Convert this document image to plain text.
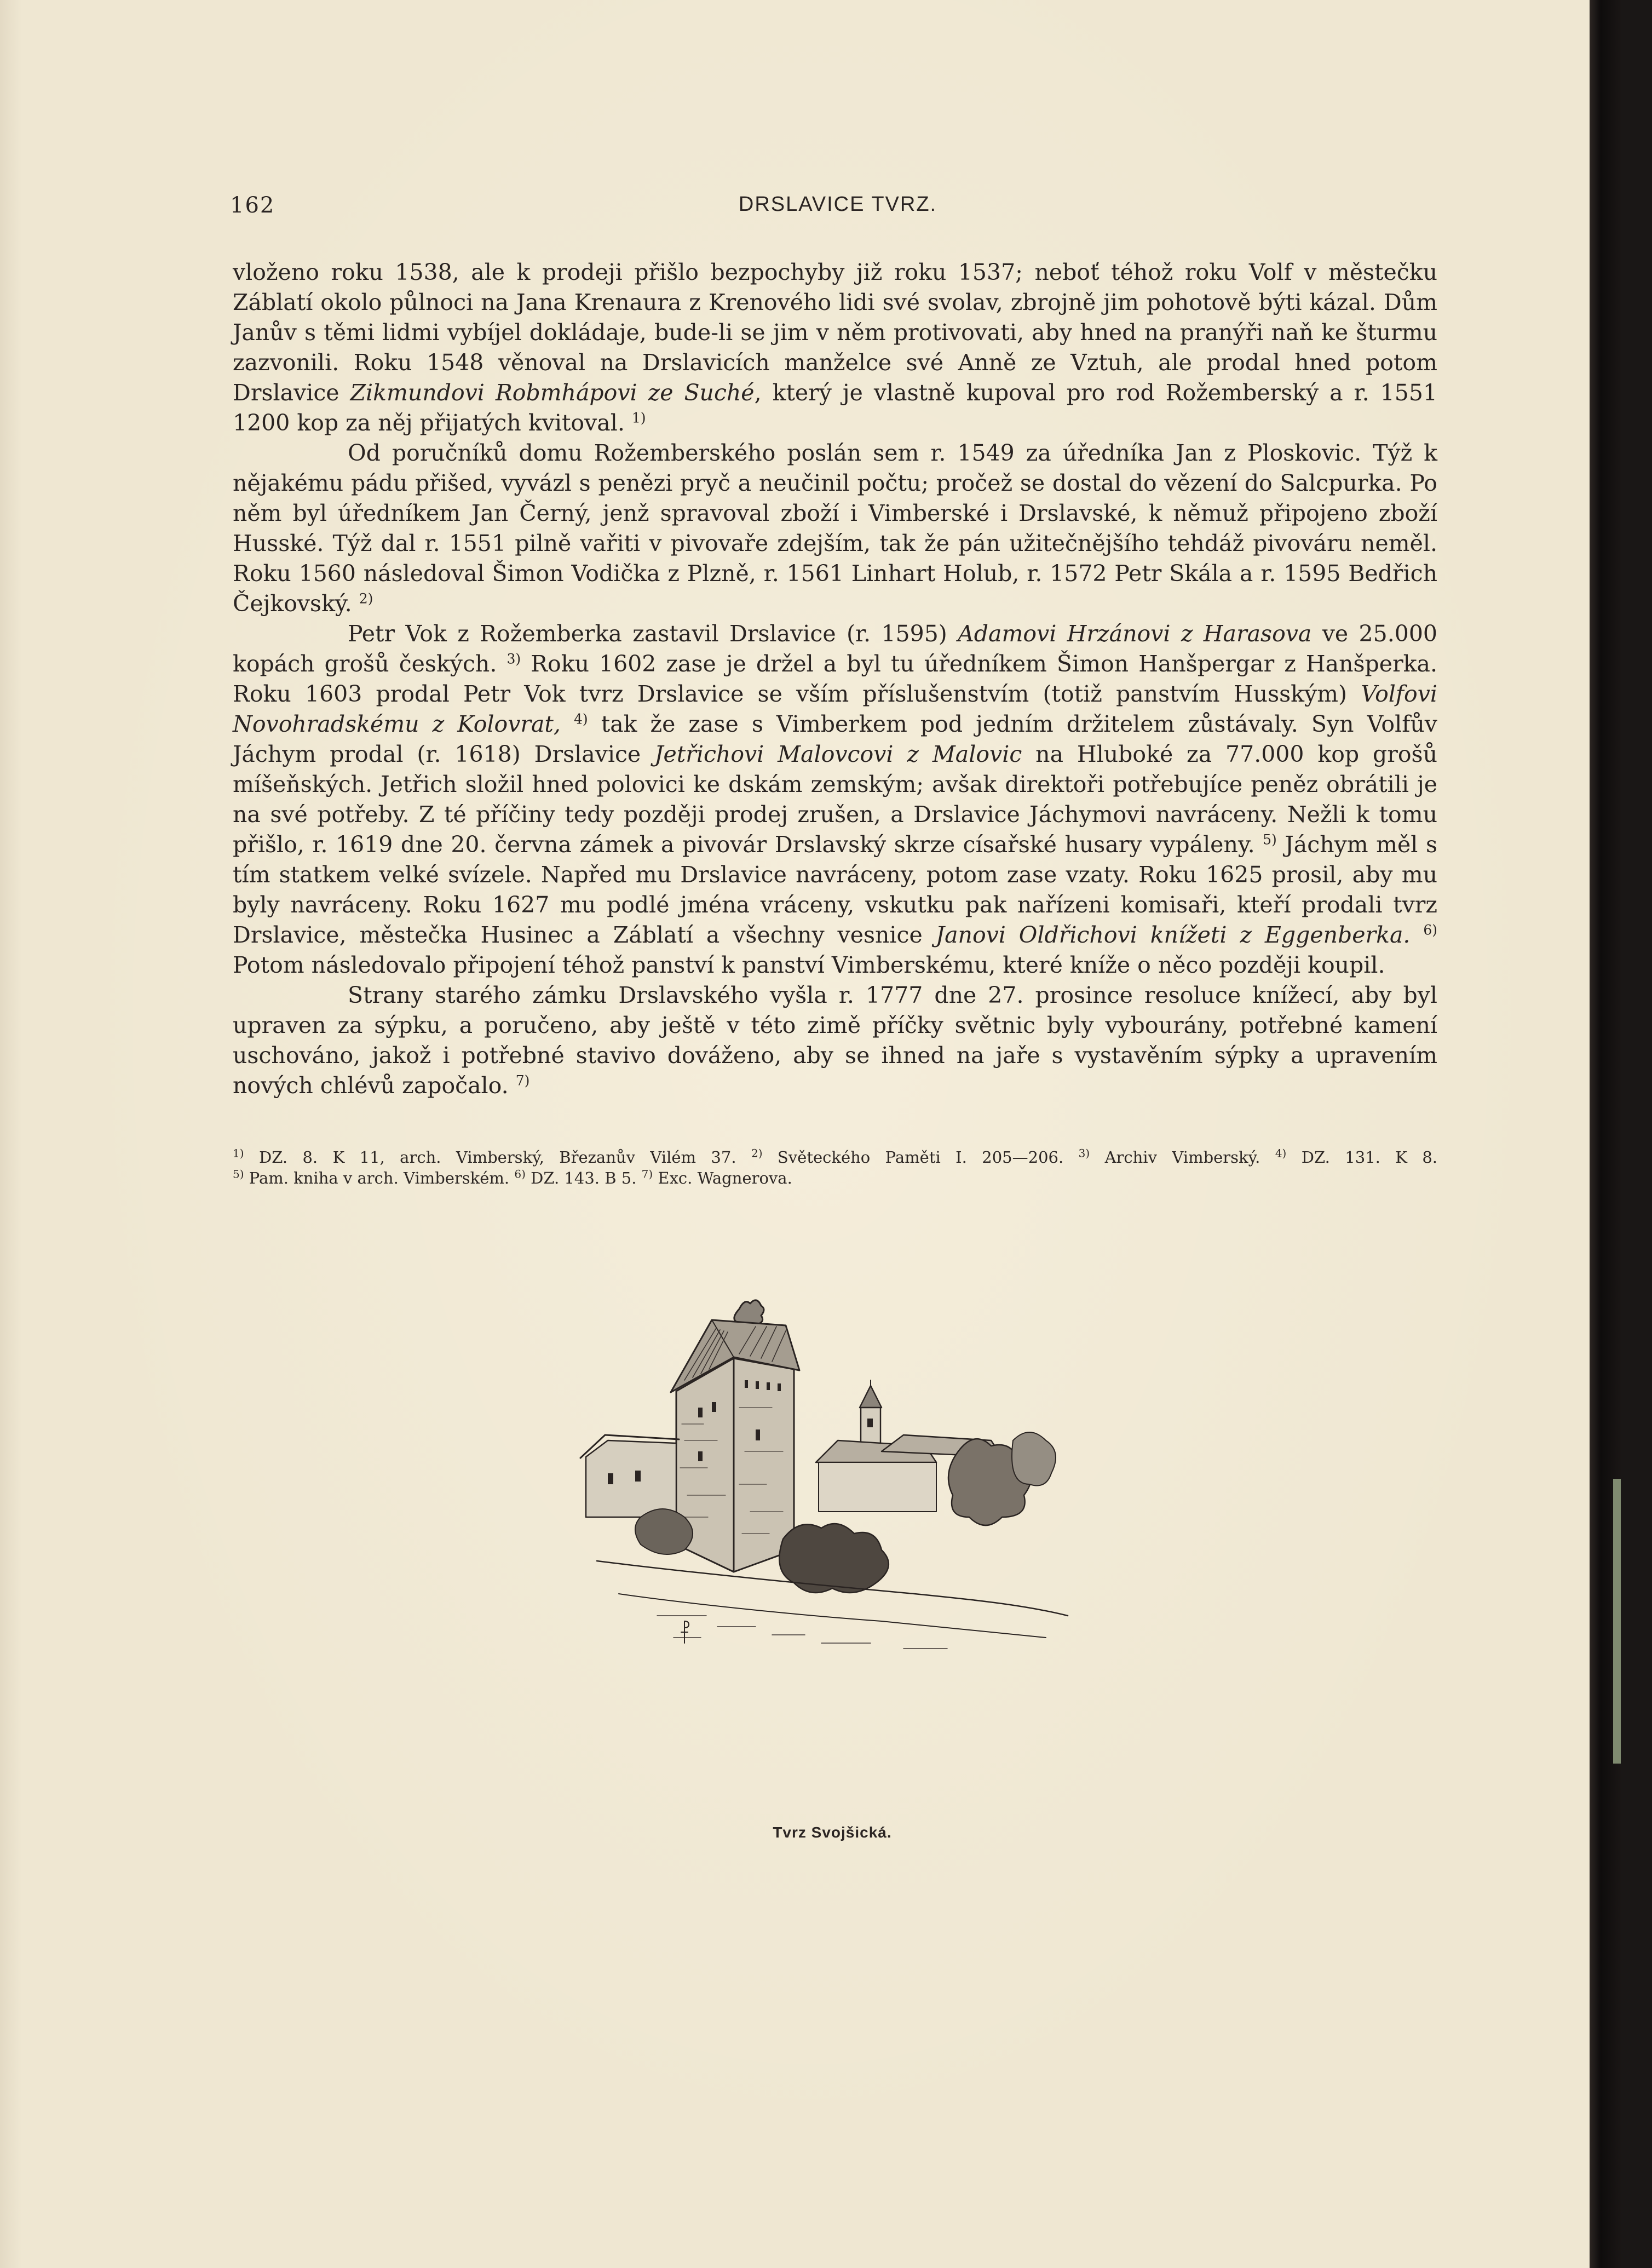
162	DRSLAVICE TVRZ.

vloženo roku 1538, ale k prodeji přišlo bezpochyby již roku 1537; neboť téhož roku Volf v městečku Záblatí okolo půlnoci na Jana Krenaura z Krenového lidi své svolav, zbrojně jim pohotově býti kázal. Dům Janův s těmi lidmi vybíjel dokládaje, bude-li se jim v něm protivovati, aby hned na pranýři naň ke šturmu zazvonili. Roku 1548 věnoval na Drslavicích manželce své Anně ze Vztuh, ale prodal hned potom Drslavice Zikmundovi Robmhápovi ze Suché, který je vlastně kupoval pro rod Rožemberský a r. 1551 1200 kop za něj přijatých kvitoval. $^{1)}$

Od poručníků domu Rožemberského poslán sem r. 1549 za úředníka Jan z Ploskovic. Týž k nějakému pádu přišed, vyvázl s penězi pryč a neučinil počtu; pročež se dostal do vězení do Salcpurka. Po něm byl úředníkem Jan Černý, jenž spravoval zboží i Vimberské i Drslavské, k němuž připojeno zboží Husské. Týž dal r. 1551 pilně vařiti v pivovaře zdejším, tak že pán užitečnějšího tehdáž pivováru neměl. Roku 1560 následoval Šimon Vodička z Plzně, r. 1561 Linhart Holub, r. 1572 Petr Skála a r. 1595 Bedřich Čejkovský. $^{2)}$

Petr Vok z Rožemberka zastavil Drslavice (r. 1595) Adamovi Hrzánovi z Harasova ve 25.000 kopách grošů českých. $^{3)}$ Roku 1602 zase je držel a byl tu úředníkem Šimon Hanšpergar z Hanšperka. Roku 1603 prodal Petr Vok tvrz Drslavice se vším příslušenstvím (totiž panstvím Husským) Volfovi Novohradskému z Kolovrat, $^{4)}$ tak že zase s Vimberkem pod jedním držitelem zůstávaly. Syn Volfův Jáchym prodal (r. 1618) Drslavice Jetřichovi Malovcovi z Malovic na Hluboké za 77.000 kop grošů míšeňských. Jetřich složil hned polovici ke dskám zemským; avšak direktoři potřebujíce peněz obrátili je na své potřeby. Z té příčiny tedy později prodej zrušen, a Drslavice Jáchymovi navráceny. Nežli k tomu přišlo, r. 1619 dne 20. června zámek a pivovár Drslavský skrze císařské husary vypáleny. $^{5)}$ Jáchym měl s tím statkem velké svízele. Napřed mu Drslavice navráceny, potom zase vzaty. Roku 1625 prosil, aby mu byly navráceny. Roku 1627 mu podlé jména vráceny, vskutku pak nařízeni komisaři, kteří prodali tvrz Drslavice, městečka Husinec a Záblatí a všechny vesnice Janovi Oldřichovi knížeti z Eggenberka. $^{6)}$ Potom následovalo připojení téhož panství k panství Vimberskému, které kníže o něco později koupil.

Strany starého zámku Drslavského vyšla r. 1777 dne 27. prosince resoluce knížecí, aby byl upraven za sýpku, a poručeno, aby ještě v této zimě příčky světnic byly vybourány, potřebné kamení uschováno, jakož i potřebné stavivo dováženo, aby se ihned na jaře s vystavěním sýpky a upravením nových chlévů započalo. $^{7)}$

$^{1)}$ DZ. 8. K 11, arch. Vimberský, Březanův Vilém 37. $^{2)}$ Světeckého Paměti I. 205—206. $^{3)}$ Archiv Vimberský. $^{4)}$ DZ. 131. K 8. $^{5)}$ Pam. kniha v arch. Vimberském. $^{6)}$ DZ. 143. B 5. $^{7)}$ Exc. Wagnerova.
Tvrz Svojšická.
